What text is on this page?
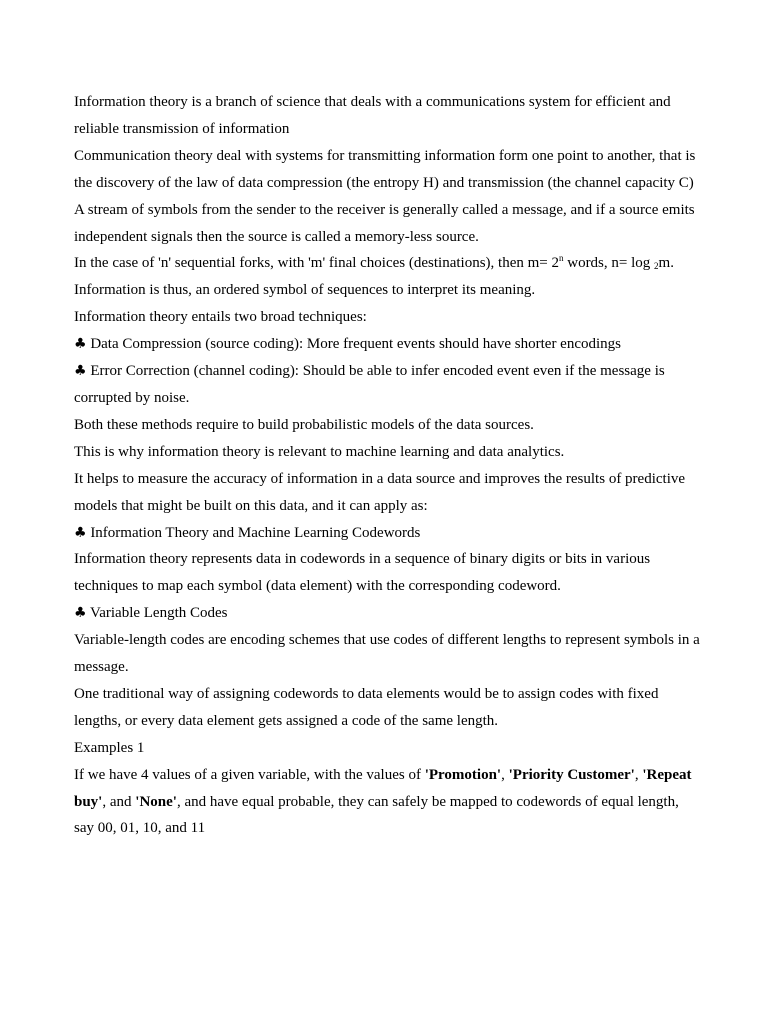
Information theory is a branch of science that deals with a communications system for efficient and reliable transmission of information

Communication theory deal with systems for transmitting information form one point to another, that is the discovery of the law of data compression (the entropy H) and transmission (the channel capacity C)

A stream of symbols from the sender to the receiver is generally called a message, and if a source emits independent signals then the source is called a memory-less source.

In the case of 'n' sequential forks, with 'm' final choices (destinations), then $m= 2^n$ words, n= log $_2$m.

Information is thus, an ordered symbol of sequences to interpret its meaning.

Information theory entails two broad techniques:

♣ Data Compression (source coding): More frequent events should have shorter encodings

♣ Error Correction (channel coding): Should be able to infer encoded event even if the message is corrupted by noise.

Both these methods require to build probabilistic models of the data sources.

This is why information theory is relevant to machine learning and data analytics.

It helps to measure the accuracy of information in a data source and improves the results of predictive models that might be built on this data, and it can apply as:

♣ Information Theory and Machine Learning Codewords

Information theory represents data in codewords in a sequence of binary digits or bits in various techniques to map each symbol (data element) with the corresponding codeword.

♣ Variable Length Codes

Variable-length codes are encoding schemes that use codes of different lengths to represent symbols in a message.

One traditional way of assigning codewords to data elements would be to assign codes with fixed lengths, or every data element gets assigned a code of the same length.

Examples 1

If we have 4 values of a given variable, with the values of 'Promotion', 'Priority Customer', 'Repeat buy', and 'None', and have equal probable, they can safely be mapped to codewords of equal length, say 00, 01, 10, and 11
